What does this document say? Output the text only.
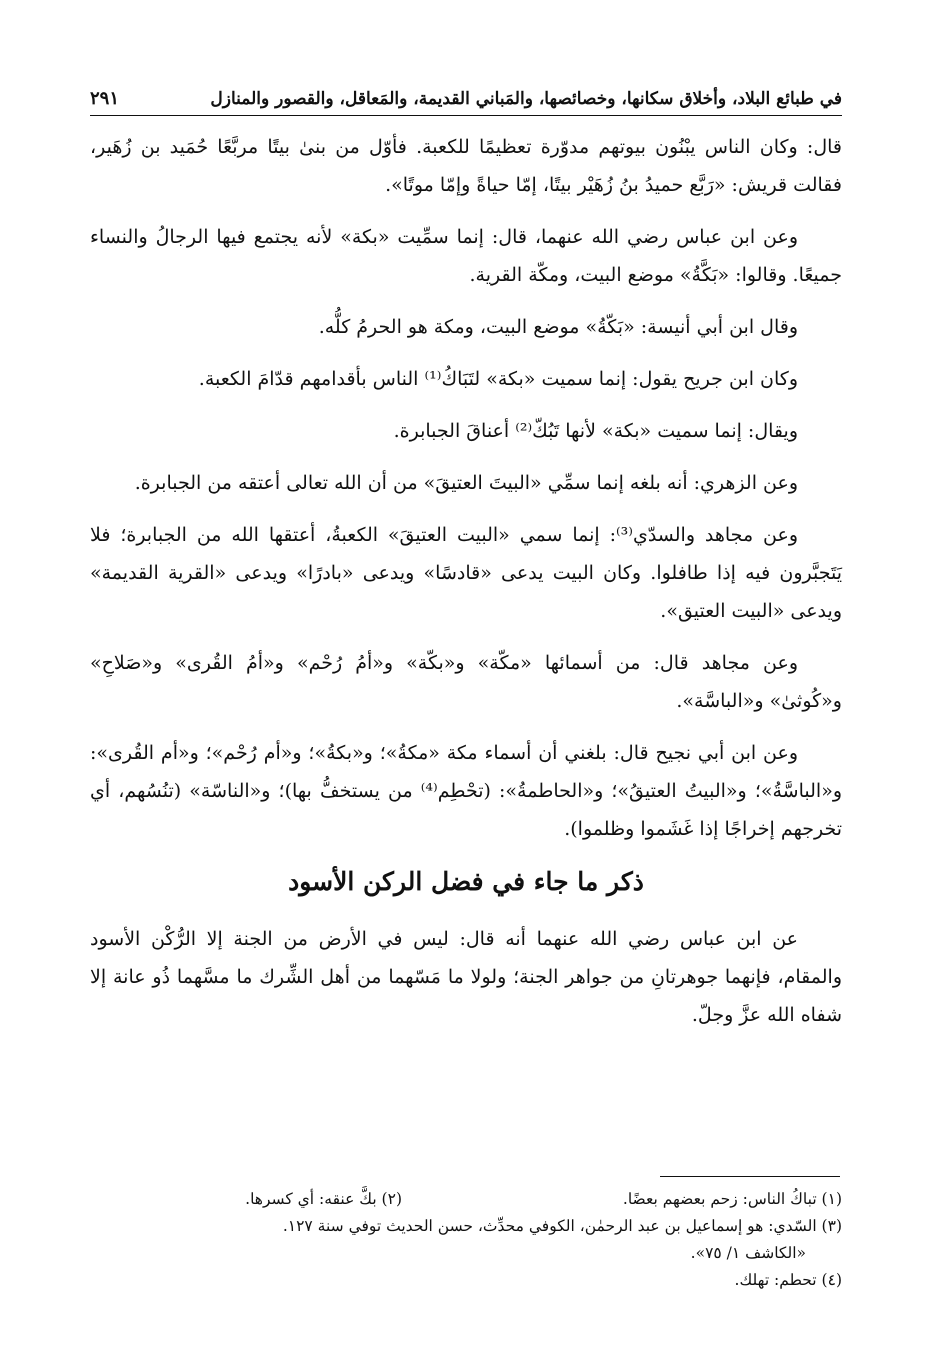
في طبائع البلاد، وأخلاق سكانها، وخصائصها، والمَباني القديمة، والمَعاقل، والقصور والمنازل
٢٩١

قال: وكان الناس يبْنُون بيوتهم مدوّرة تعظيمًا للكعبة. فأوّل من بنىٰ بيتًا مربَّعًا حُمَيد بن زُهَير، فقالت قريش: «رَبَّع حميدُ بنُ زُهَيْر بيتًا، إمّا حياةً وإمّا موتًا».

وعن ابن عباس رضي الله عنهما، قال: إنما سمِّيت «بكة» لأنه يجتمع فيها الرجالُ والنساء جميعًا. وقالوا: «بَكَّةُ» موضع البيت، ومكّة القرية.

وقال ابن أبي أنيسة: «بَكّةُ» موضع البيت، ومكة هو الحرمُ كلُّه.

وكان ابن جريح يقول: إنما سميت «بكة» لتَبَاكُ⁽¹⁾ الناس بأقدامهم قدّامَ الكعبة.

ويقال: إنما سميت «بكة» لأنها تَبُكّ⁽²⁾ أعناقَ الجبابرة.

وعن الزهري: أنه بلغه إنما سمِّي «البيتَ العتيقَ» من أن الله تعالى أعتقه من الجبابرة.

وعن مجاهد والسدّي⁽³⁾: إنما سمي «البيت العتيقَ» الكعبةُ، أعتقها الله من الجبابرة؛ فلا يَتَجبَّرون فيه إذا طافلوا. وكان البيت يدعى «قادسًا» ويدعى «بادرًا» ويدعى «القرية القديمة» ويدعى «البيت العتيق».

وعن مجاهد قال: من أسمائها «مكّة» و«بكّة» و«أمُ رُحْم» و«أمُ القُرى» و«صَلاحِ» و«كُوثىٰ» و«الباسَّة».

وعن ابن أبي نجيح قال: بلغني أن أسماء مكة «مكةُ»؛ و«بكةُ»؛ و«أم رُحْم»؛ و«أم القُرى»: و«الباسَّةُ»؛ و«البيتُ العتيقُ»؛ و«الحاطمةُ»: (تحْطِم⁽⁴⁾ من يستخفُّ بها)؛ و«الناسّة» (تنُسُهم، أي تخرجهم إخراجًا إذا غَشَموا وظلموا).

ذكر ما جاء في فضل الركن الأسود

عن ابن عباس رضي الله عنهما أنه قال: ليس في الأرض من الجنة إلا الرُّكْن الأسود والمقام، فإنهما جوهرتانِ من جواهر الجنة؛ ولولا ما مَسّهما من أهل الشِّرك ما مسَّهما ذُو عانة إلا شفاه الله عزَّ وجلّ.

(١) تباكُ الناس: زحم بعضهم بعضًا.
(٢) بكَّ عنقه: أي كسرها.
(٣) السّدي: هو إسماعيل بن عبد الرحمٰن، الكوفي محدِّث، حسن الحديث توفي سنة ١٢٧.
«الكاشف ١/ ٧٥».
(٤) تحطم: تهلك.
